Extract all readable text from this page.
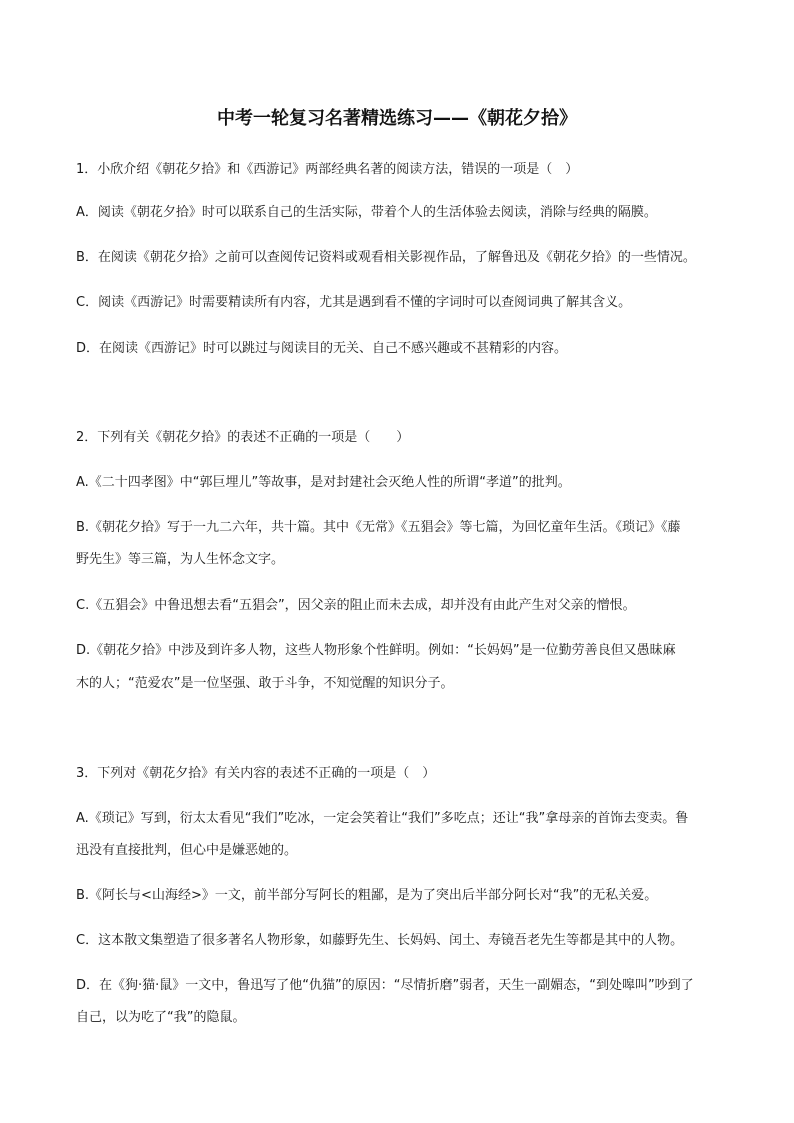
中考一轮复习名著精选练习——《朝花夕拾》
1．小欣介绍《朝花夕拾》和《西游记》两部经典名著的阅读方法，错误的一项是（　）
A．阅读《朝花夕拾》时可以联系自己的生活实际，带着个人的生活体验去阅读，消除与经典的隔膜。
B．在阅读《朝花夕拾》之前可以查阅传记资料或观看相关影视作品，了解鲁迅及《朝花夕拾》的一些情况。
C．阅读《西游记》时需要精读所有内容，尤其是遇到看不懂的字词时可以查阅词典了解其含义。
D．在阅读《西游记》时可以跳过与阅读目的无关、自己不感兴趣或不甚精彩的内容。
2．下列有关《朝花夕拾》的表述不正确的一项是（　　）
A.《二十四孝图》中“郭巨埋儿”等故事，是对封建社会灭绝人性的所谓“孝道”的批判。
B.《朝花夕拾》写于一九二六年，共十篇。其中《无常》《五猖会》等七篇，为回忆童年生活。《琐记》《藤
野先生》等三篇，为人生怀念文字。
C.《五猖会》中鲁迅想去看“五猖会”，因父亲的阻止而未去成，却并没有由此产生对父亲的憎恨。
D.《朝花夕拾》中涉及到许多人物，这些人物形象个性鲜明。例如：“长妈妈”是一位勤劳善良但又愚昧麻
木的人；“范爱农”是一位坚强、敢于斗争，不知觉醒的知识分子。
3．下列对《朝花夕拾》有关内容的表述不正确的一项是（　）
A.《琐记》写到，衍太太看见“我们”吃冰，一定会笑着让“我们”多吃点；还让“我”拿母亲的首饰去变卖。鲁
迅没有直接批判，但心中是嫌恶她的。
B.《阿长与<山海经>》一文，前半部分写阿长的粗鄙，是为了突出后半部分阿长对“我”的无私关爱。
C．这本散文集塑造了很多著名人物形象，如藤野先生、长妈妈、闰土、寿镜吾老先生等都是其中的人物。
D．在《狗·猫·鼠》一文中，鲁迅写了他“仇猫”的原因：“尽情折磨”弱者，天生一副媚态，“到处嗥叫”吵到了
自己，以为吃了“我”的隐鼠。
